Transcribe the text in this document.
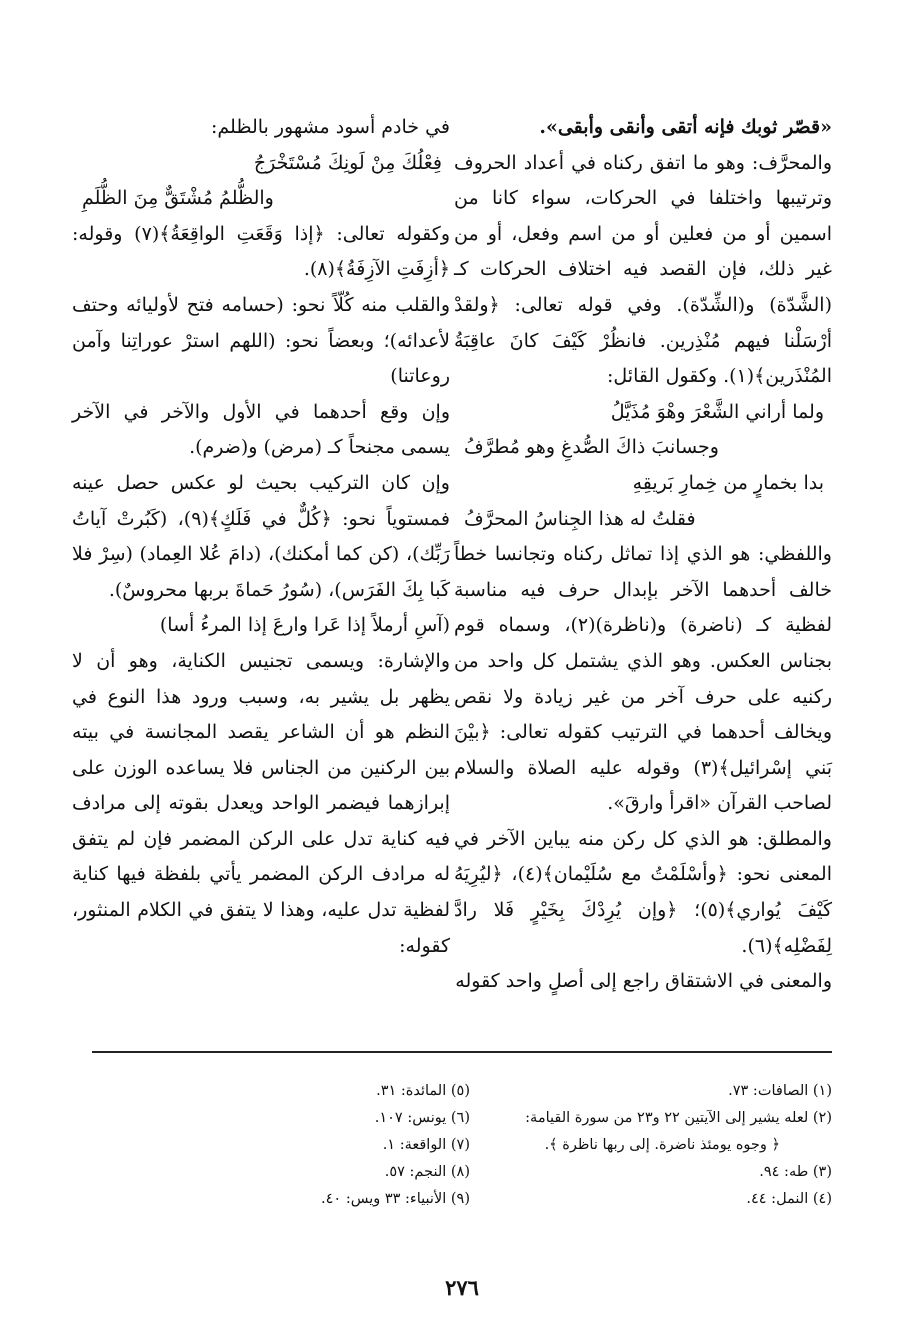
«قصّر ثوبك فإنه أتقى وأنقى وأبقى».

والمحرَّف: وهو ما اتفق ركناه في أعداد الحروف وترتيبها واختلفا في الحركات، سواء كانا من اسمين أو من فعلين أو من اسم وفعل، أو من غير ذلك، فإن القصد فيه اختلاف الحركات كـ (الشَّدّة) و(الشِّدّة). وفي قوله تعالى: ﴿ولقدْ أرْسَلْنا فيهم مُنْذِرين. فانظُرْ كَيْفَ كانَ عاقِبَةُ المُنْذَرين﴾(١). وكقول القائل:

ولما أراني الشَّعْرَ وهْوَ مُذَيَّلُ

وجسانبَ ذاكَ الصُّدغِ وهو مُطرَّفُ

بدا بخمارٍ من خِمارِ بَريقِهِ

فقلتُ له هذا الجِناسُ المحرَّفُ

واللفظي: هو الذي إذا تماثل ركناه وتجانسا خطاً خالف أحدهما الآخر بإبدال حرف فيه مناسبة لفظية كـ (ناضرة) و(ناظرة)(٢)، وسماه قوم بجناس العكس. وهو الذي يشتمل كل واحد من ركنيه على حرف آخر من غير زيادة ولا نقص ويخالف أحدهما في الترتيب كقوله تعالى: ﴿بيْنَ بَني إسْرائيل﴾(٣) وقوله عليه الصلاة والسلام لصاحب القرآن «اقرأ وارقَ».

والمطلق: هو الذي كل ركن منه يباين الآخر في المعنى نحو: ﴿وأسْلَمْتُ مع سُلَيْمان﴾(٤)، ﴿ليُرِيَهُ كَيْفَ يُواري﴾(٥)؛ ﴿وإن يُرِدْكَ بِخَيْرٍ فَلا رادَّ لِفَضْلِه﴾(٦).

والمعنى في الاشتقاق راجع إلى أصلٍ واحد كقوله

في خادم أسود مشهور بالظلم:

فِعْلُكَ مِنْ لَونِكَ مُسْتَخْرَجُ

والظُّلمُ مُشْتَقٌّ مِنَ الظُّلَمِ

وكقوله تعالى: ﴿إذا وَقَعَتِ الواقِعَةُ﴾(٧) وقوله: ﴿أزِفَتِ الآزِفَةُ﴾(٨).

والقلب منه كُلّاً نحو: (حسامه فتح لأوليائه وحتف لأعدائه)؛ وبعضاً نحو: (اللهم استرْ عوراتِنا وآمن روعاتنا)

وإن وقع أحدهما في الأول والآخر في الآخر يسمى مجنحاً كـ (مرض) و(ضرم).

وإن كان التركيب بحيث لو عكس حصل عينه فمستوياً نحو: ﴿كُلٌّ في فَلَكٍ﴾(٩)، (كَبُرتْ آياتُ رَبِّك)، (كن كما أمكنك)، (دامَ عُلا العِماد) (سِرْ فلا كَبا بِكَ الفَرَس)، (سُورُ حَماةَ بربها محروسٌ).

(آسِ أرملاً إذا عَرا وارعَ إذا المرءُ أسا)

والإشارة: ويسمى تجنيس الكناية، وهو أن لا يظهر بل يشير به، وسبب ورود هذا النوع في النظم هو أن الشاعر يقصد المجانسة في بيته بين الركنين من الجناس فلا يساعده الوزن على إبرازهما فيضمر الواحد ويعدل بقوته إلى مرادف فيه كناية تدل على الركن المضمر فإن لم يتفق له مرادف الركن المضمر يأتي بلفظة فيها كناية لفظية تدل عليه، وهذا لا يتفق في الكلام المنثور، كقوله:

(١) الصافات: ٧٣.
(٢) لعله يشير إلى الآيتين ٢٢ و٢٣ من سورة القيامة:
﴿ وجوه يومئذ ناضرة. إلى ربها ناظرة ﴾.
(٣) طه: ٩٤.
(٤) النمل: ٤٤.
(٥) المائدة: ٣١.
(٦) يونس: ١٠٧.
(٧) الواقعة: ١.
(٨) النجم: ٥٧.
(٩) الأنبياء: ٣٣ ويس: ٤٠.
٢٧٦
